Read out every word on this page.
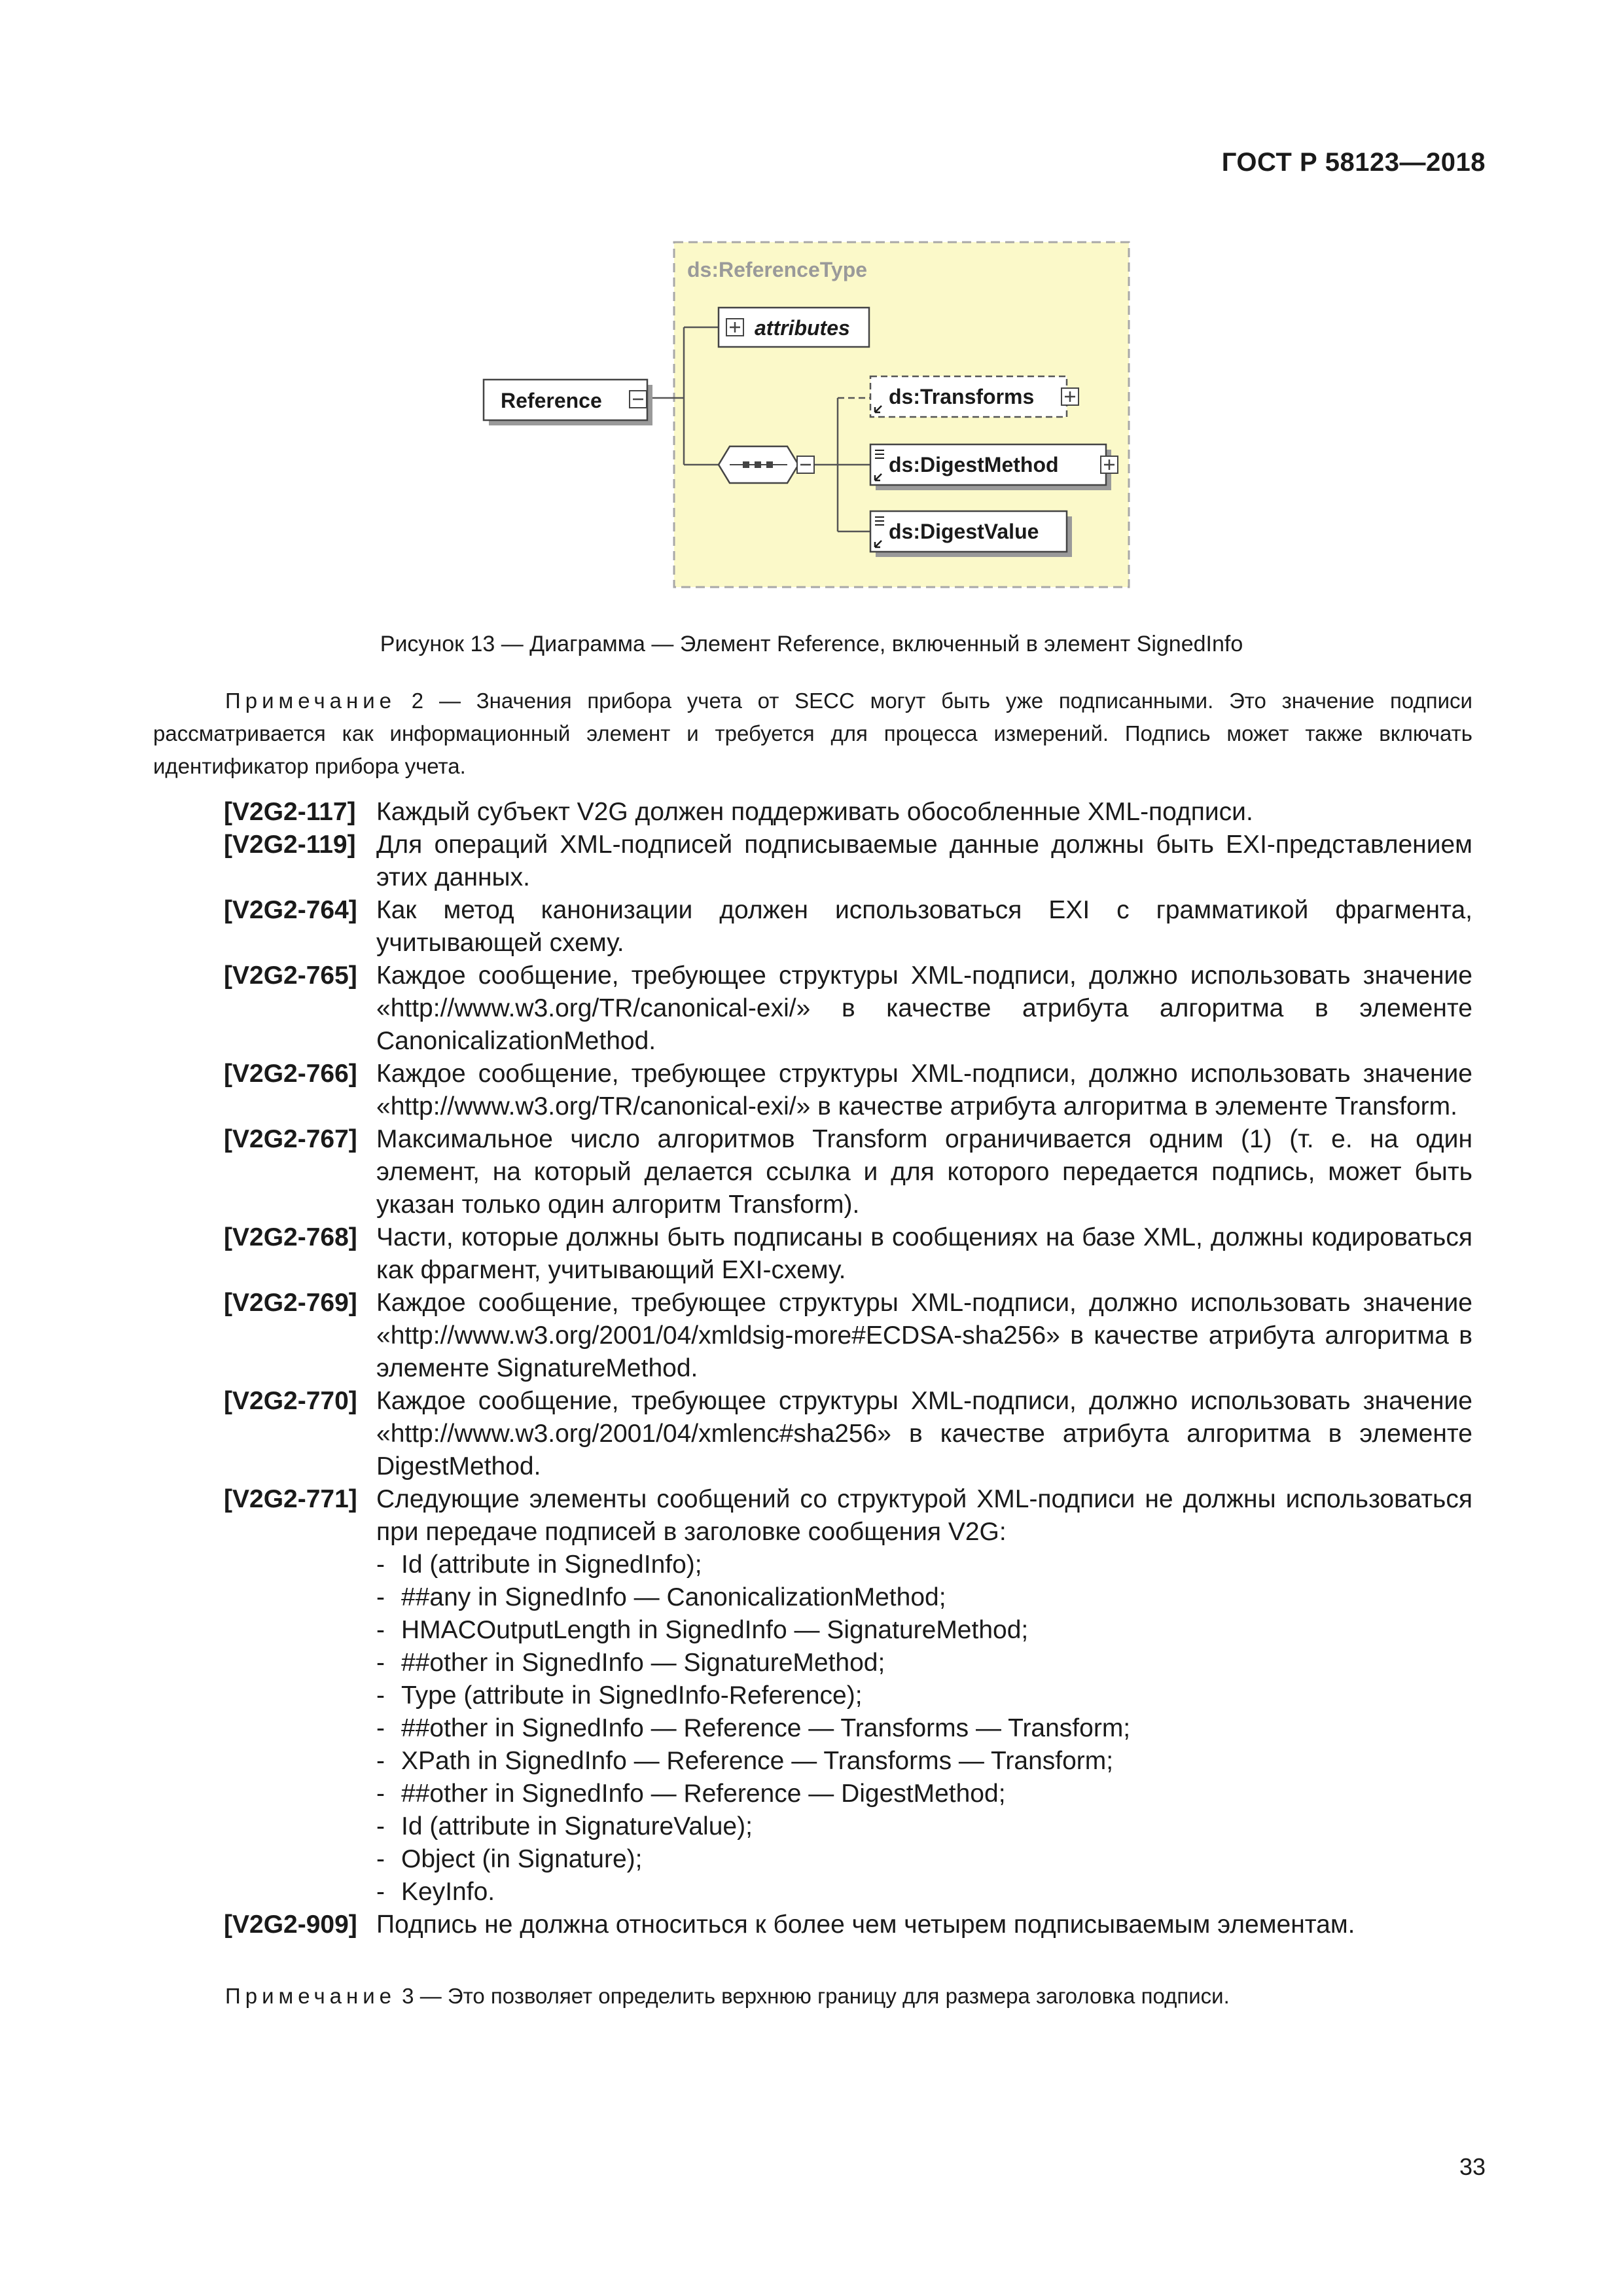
ГОСТ Р 58123—2018
ds:ReferenceType
Reference
attributes
ds:Transforms
ds:DigestMethod
ds:DigestValue
Рисунок 13 — Диаграмма — Элемент Reference, включенный в элемент SignedInfo
Примечание 2 — Значения прибора учета от SECC могут быть уже подписанными. Это значение подписи рассматривается как информационный элемент и требуется для процесса измерений. Подпись может также включать идентификатор прибора учета.
[V2G2-117] Каждый субъект V2G должен поддерживать обособленные XML-подписи.
[V2G2-119] Для операций XML-подписей подписываемые данные должны быть EXI-представлением этих данных.
[V2G2-764] Как метод канонизации должен использоваться EXI с грамматикой фрагмента, учитывающей схему.
[V2G2-765] Каждое сообщение, требующее структуры XML-подписи, должно использовать значение «http://www.w3.org/TR/canonical-exi/» в качестве атрибута алгоритма в элементе CanonicalizationMethod.
[V2G2-766] Каждое сообщение, требующее структуры XML-подписи, должно использовать значение «http://www.w3.org/TR/canonical-exi/» в качестве атрибута алгоритма в элементе Transform.
[V2G2-767] Максимальное число алгоритмов Transform ограничивается одним (1) (т. е. на один элемент, на который делается ссылка и для которого передается подпись, может быть указан только один алгоритм Transform).
[V2G2-768] Части, которые должны быть подписаны в сообщениях на базе XML, должны кодироваться как фрагмент, учитывающий EXI-схему.
[V2G2-769] Каждое сообщение, требующее структуры XML-подписи, должно использовать значение «http://www.w3.org/2001/04/xmldsig-more#ECDSA-sha256» в качестве атрибута алгоритма в элементе SignatureMethod.
[V2G2-770] Каждое сообщение, требующее структуры XML-подписи, должно использовать значение «http://www.w3.org/2001/04/xmlenc#sha256» в качестве атрибута алгоритма в элементе DigestMethod.
[V2G2-771] Следующие элементы сообщений со структурой XML-подписи не должны использоваться при передаче подписей в заголовке сообщения V2G:
- Id (attribute in SignedInfo);
- ##any in SignedInfo — CanonicalizationMethod;
- HMACOutputLength in SignedInfo — SignatureMethod;
- ##other in SignedInfo — SignatureMethod;
- Type (attribute in SignedInfo-Reference);
- ##other in SignedInfo — Reference — Transforms — Transform;
- XPath in SignedInfo — Reference — Transforms — Transform;
- ##other in SignedInfo — Reference — DigestMethod;
- Id (attribute in SignatureValue);
- Object (in Signature);
- KeyInfo.
[V2G2-909] Подпись не должна относиться к более чем четырем подписываемым элементам.
Примечание 3 — Это позволяет определить верхнюю границу для размера заголовка подписи.
33
